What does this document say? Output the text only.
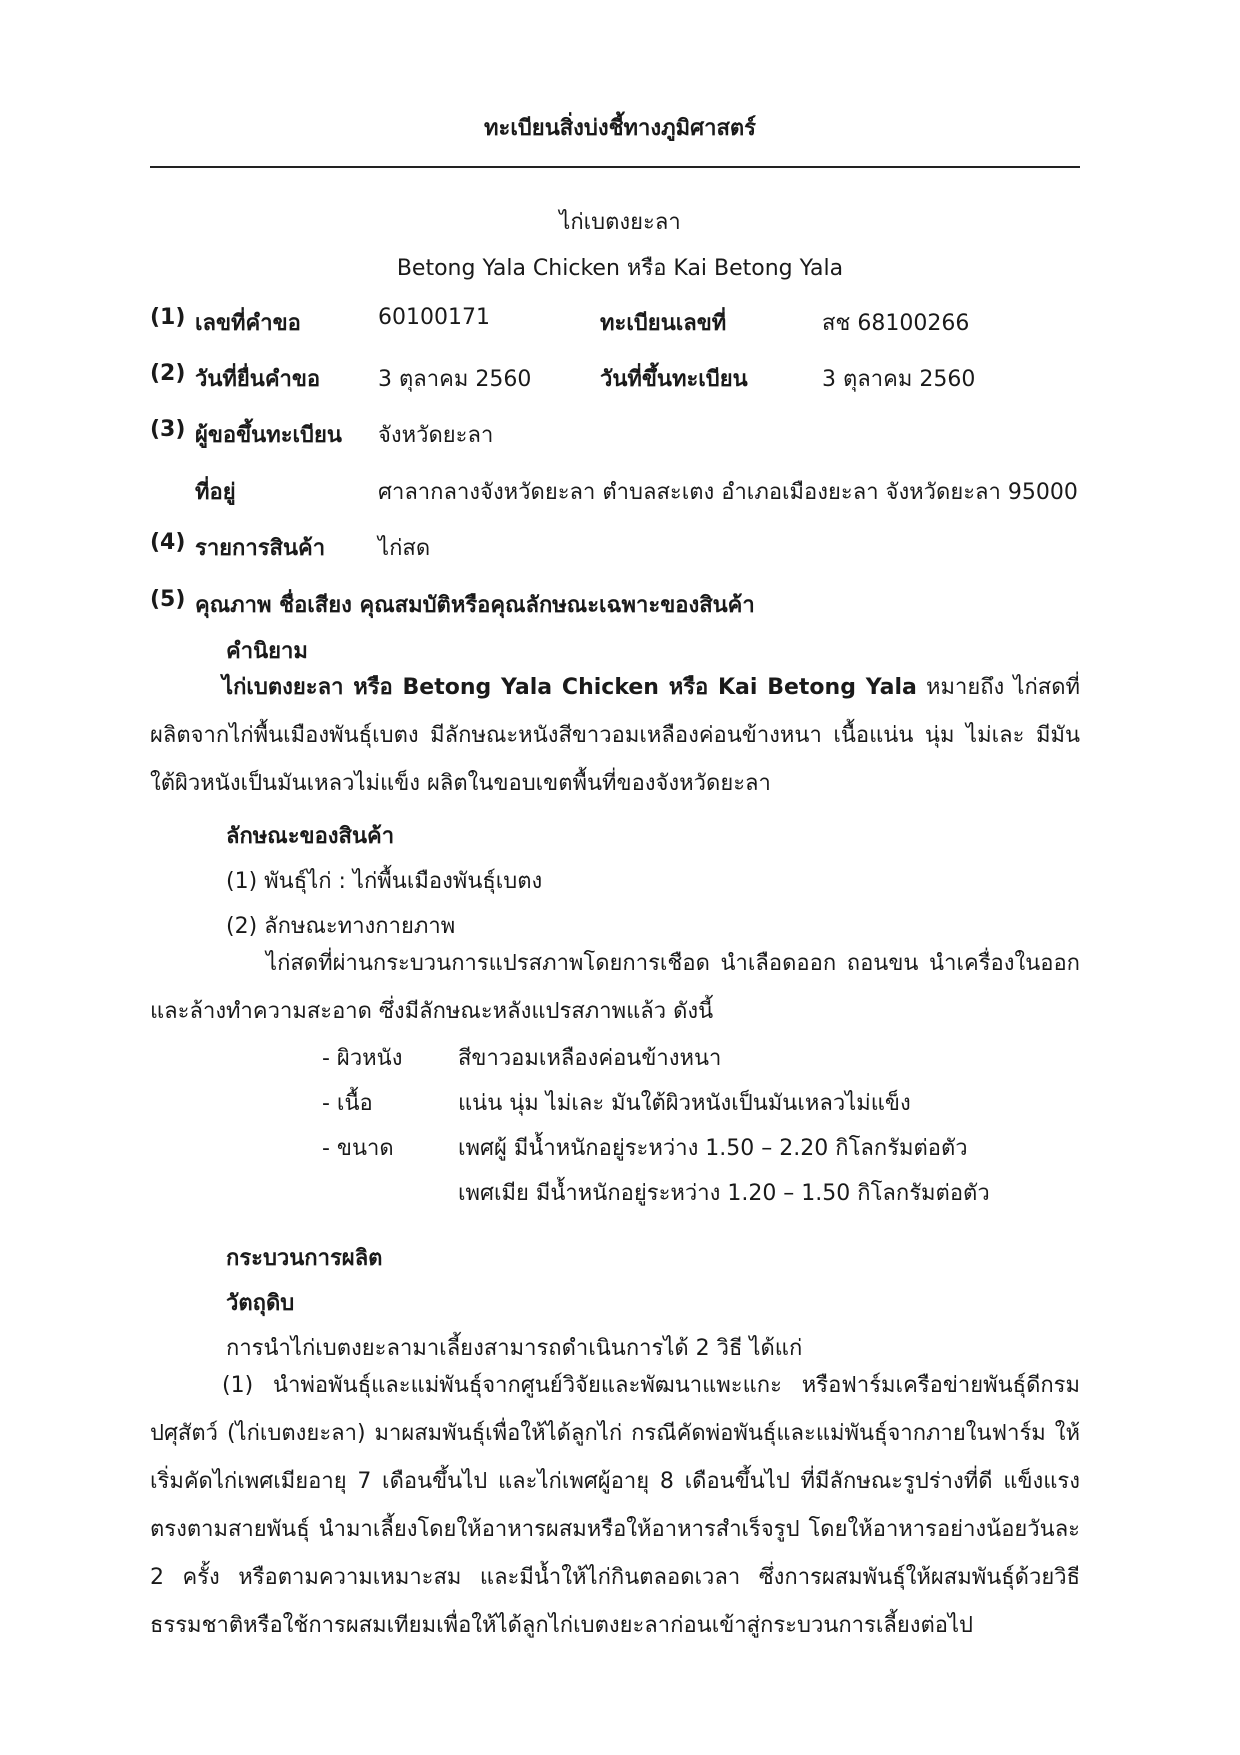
ทะเบียนสิ่งบ่งชี้ทางภูมิศาสตร์
ไก่เบตงยะลา
Betong Yala Chicken หรือ Kai Betong Yala
(1) เลขที่คำขอ	60100171	ทะเบียนเลขที่	สช 68100266
(2) วันที่ยื่นคำขอ	3 ตุลาคม 2560	วันที่ขึ้นทะเบียน	3 ตุลาคม 2560
(3) ผู้ขอขึ้นทะเบียน จังหวัดยะลา
ที่อยู่	ศาลากลางจังหวัดยะลา ตำบลสะเตง อำเภอเมืองยะลา จังหวัดยะลา 95000
(4) รายการสินค้า ไก่สด
(5) คุณภาพ ชื่อเสียง คุณสมบัติหรือคุณลักษณะเฉพาะของสินค้า
คำนิยาม
ไก่เบตงยะลา หรือ Betong Yala Chicken หรือ Kai Betong Yala หมายถึง ไก่สดที่ผลิตจากไก่พื้นเมืองพันธุ์เบตง มีลักษณะหนังสีขาวอมเหลืองค่อนข้างหนา เนื้อแน่น นุ่ม ไม่เละ มีมันใต้ผิวหนังเป็นมันเหลวไม่แข็ง ผลิตในขอบเขตพื้นที่ของจังหวัดยะลา
ลักษณะของสินค้า
(1) พันธุ์ไก่ : ไก่พื้นเมืองพันธุ์เบตง
(2) ลักษณะทางกายภาพ
ไก่สดที่ผ่านกระบวนการแปรสภาพโดยการเชือด นำเลือดออก ถอนขน นำเครื่องในออก และล้างทำความสะอาด ซึ่งมีลักษณะหลังแปรสภาพแล้ว ดังนี้
- ผิวหนัง	สีขาวอมเหลืองค่อนข้างหนา
- เนื้อ	แน่น นุ่ม ไม่เละ มันใต้ผิวหนังเป็นมันเหลวไม่แข็ง
- ขนาด	เพศผู้ มีน้ำหนักอยู่ระหว่าง 1.50 – 2.20 กิโลกรัมต่อตัว
เพศเมีย มีน้ำหนักอยู่ระหว่าง 1.20 – 1.50 กิโลกรัมต่อตัว
กระบวนการผลิต
วัตถุดิบ
การนำไก่เบตงยะลามาเลี้ยงสามารถดำเนินการได้ 2 วิธี ได้แก่
(1) นำพ่อพันธุ์และแม่พันธุ์จากศูนย์วิจัยและพัฒนาแพะแกะ หรือฟาร์มเครือข่ายพันธุ์ดีกรมปศุสัตว์ (ไก่เบตงยะลา) มาผสมพันธุ์เพื่อให้ได้ลูกไก่ กรณีคัดพ่อพันธุ์และแม่พันธุ์จากภายในฟาร์ม ให้เริ่มคัดไก่เพศเมียอายุ 7 เดือนขึ้นไป และไก่เพศผู้อายุ 8 เดือนขึ้นไป ที่มีลักษณะรูปร่างที่ดี แข็งแรง ตรงตามสายพันธุ์ นำมาเลี้ยงโดยให้อาหารผสมหรือให้อาหารสำเร็จรูป โดยให้อาหารอย่างน้อยวันละ 2 ครั้ง หรือตามความเหมาะสม และมีน้ำให้ไก่กินตลอดเวลา ซึ่งการผสมพันธุ์ให้ผสมพันธุ์ด้วยวิธีธรรมชาติหรือใช้การผสมเทียมเพื่อให้ได้ลูกไก่เบตงยะลาก่อนเข้าสู่กระบวนการเลี้ยงต่อไป
